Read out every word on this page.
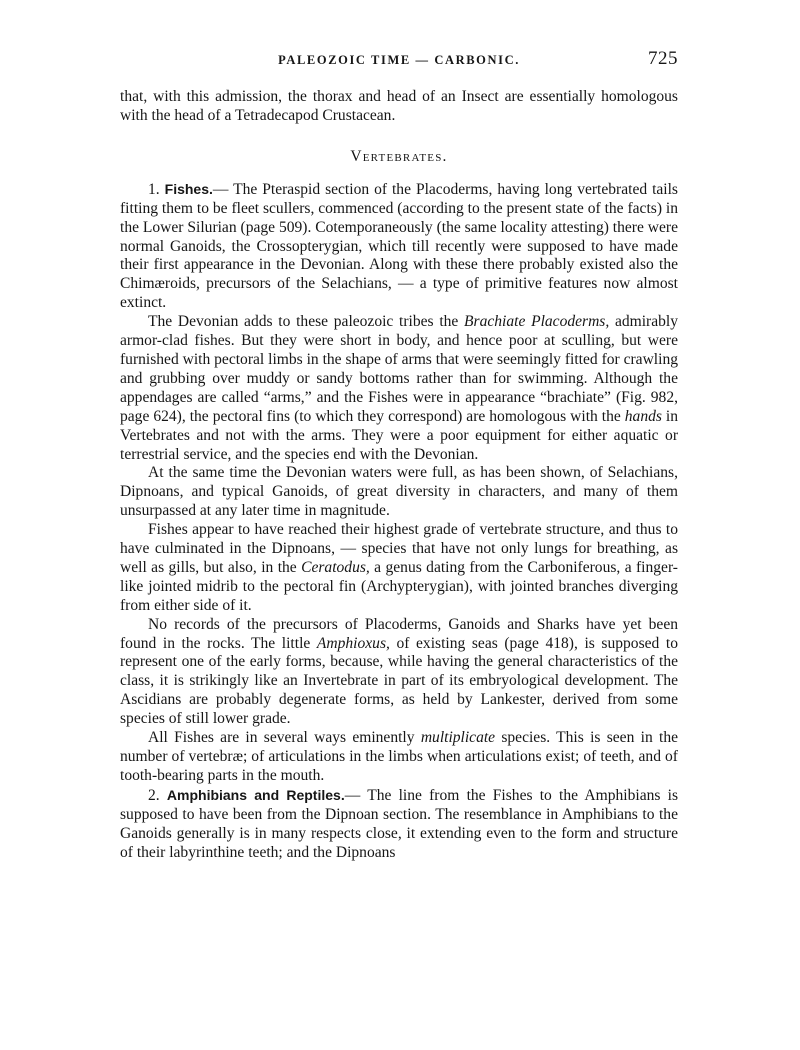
PALEOZOIC TIME — CARBONIC.	725

that, with this admission, the thorax and head of an Insect are essentially homologous with the head of a Tetradecapod Crustacean.

Vertebrates.

1. Fishes.— The Pteraspid section of the Placoderms, having long vertebrated tails fitting them to be fleet scullers, commenced (according to the present state of the facts) in the Lower Silurian (page 509). Cotemporaneously (the same locality attesting) there were normal Ganoids, the Crossopterygian, which till recently were supposed to have made their first appearance in the Devonian. Along with these there probably existed also the Chimæroids, precursors of the Selachians, — a type of primitive features now almost extinct.

The Devonian adds to these paleozoic tribes the Brachiate Placoderms, admirably armor-clad fishes. But they were short in body, and hence poor at sculling, but were furnished with pectoral limbs in the shape of arms that were seemingly fitted for crawling and grubbing over muddy or sandy bottoms rather than for swimming. Although the appendages are called “arms,” and the Fishes were in appearance “brachiate” (Fig. 982, page 624), the pectoral fins (to which they correspond) are homologous with the hands in Vertebrates and not with the arms. They were a poor equipment for either aquatic or terrestrial service, and the species end with the Devonian.

At the same time the Devonian waters were full, as has been shown, of Selachians, Dipnoans, and typical Ganoids, of great diversity in characters, and many of them unsurpassed at any later time in magnitude.

Fishes appear to have reached their highest grade of vertebrate structure, and thus to have culminated in the Dipnoans, — species that have not only lungs for breathing, as well as gills, but also, in the Ceratodus, a genus dating from the Carboniferous, a finger-like jointed midrib to the pectoral fin (Archypterygian), with jointed branches diverging from either side of it.

No records of the precursors of Placoderms, Ganoids and Sharks have yet been found in the rocks. The little Amphioxus, of existing seas (page 418), is supposed to represent one of the early forms, because, while having the general characteristics of the class, it is strikingly like an Invertebrate in part of its embryological development. The Ascidians are probably degenerate forms, as held by Lankester, derived from some species of still lower grade.

All Fishes are in several ways eminently multiplicate species. This is seen in the number of vertebræ; of articulations in the limbs when articulations exist; of teeth, and of tooth-bearing parts in the mouth.

2. Amphibians and Reptiles.— The line from the Fishes to the Amphibians is supposed to have been from the Dipnoan section. The resemblance in Amphibians to the Ganoids generally is in many respects close, it extending even to the form and structure of their labyrinthine teeth; and the Dipnoans
